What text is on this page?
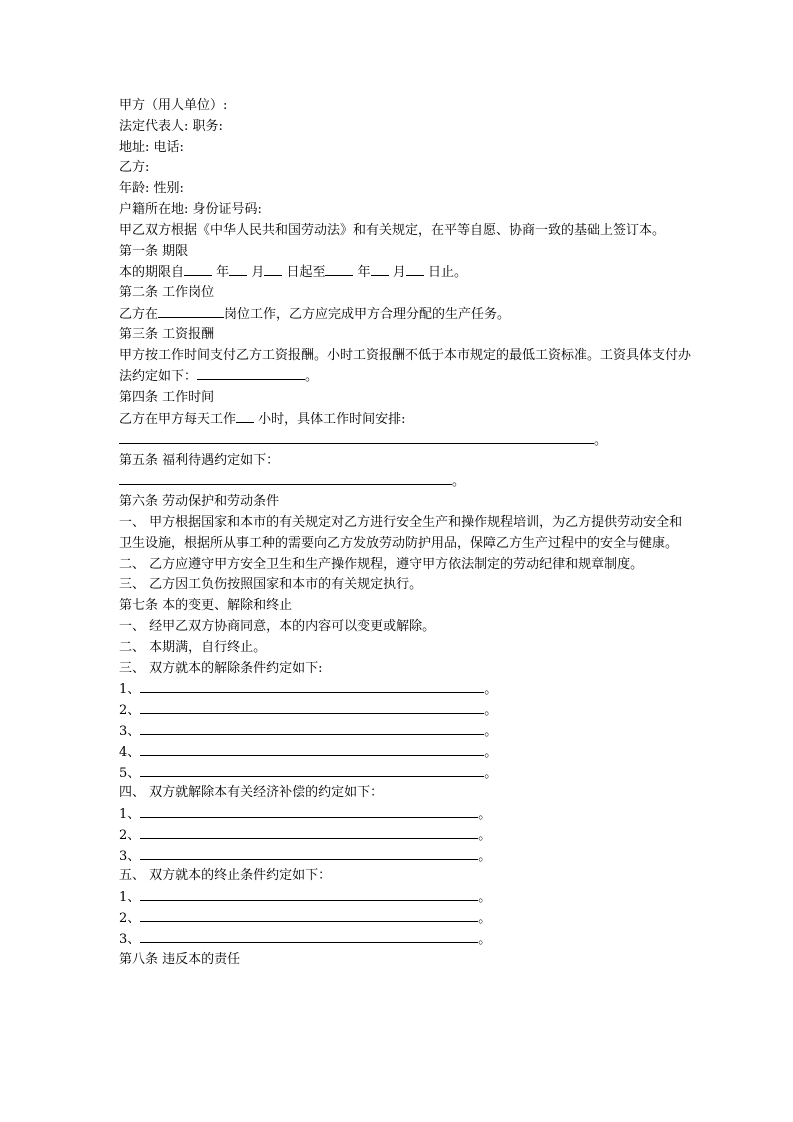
甲方（用人单位）:
法定代表人: 职务:
地址: 电话:
乙方:
年龄: 性别:
户籍所在地: 身份证号码:
甲乙双方根据《中华人民共和国劳动法》和有关规定，在平等自愿、协商一致的基础上签订本。
第一条 期限
本的期限自 年 月 日起至 年 月 日止。
第二条 工作岗位
乙方在	岗位工作，乙方应完成甲方合理分配的生产任务。
第三条 工资报酬
甲方按工作时间支付乙方工资报酬。小时工资报酬不低于本市规定的最低工资标准。工资具体支付办法约定如下：	。
第四条 工作时间
乙方在甲方每天工作 小时，具体工作时间安排:
。
第五条 福利待遇约定如下：
。
第六条 劳动保护和劳动条件
一、 甲方根据国家和本市的有关规定对乙方进行安全生产和操作规程培训，为乙方提供劳动安全和卫生设施，根据所从事工种的需要向乙方发放劳动防护用品，保障乙方生产过程中的安全与健康。
二、 乙方应遵守甲方安全卫生和生产操作规程，遵守甲方依法制定的劳动纪律和规章制度。
三、 乙方因工负伤按照国家和本市的有关规定执行。
第七条 本的变更、解除和终止
一、 经甲乙双方协商同意，本的内容可以变更或解除。
二、 本期满，自行终止。
三、 双方就本的解除条件约定如下:
1、	。
2、	。
3、	。
4、	。
5、	。
四、 双方就解除本有关经济补偿的约定如下：
1、	。
2、	。
3、	。
五、 双方就本的终止条件约定如下：
1、	。
2、	。
3、	。
第八条 违反本的责任
